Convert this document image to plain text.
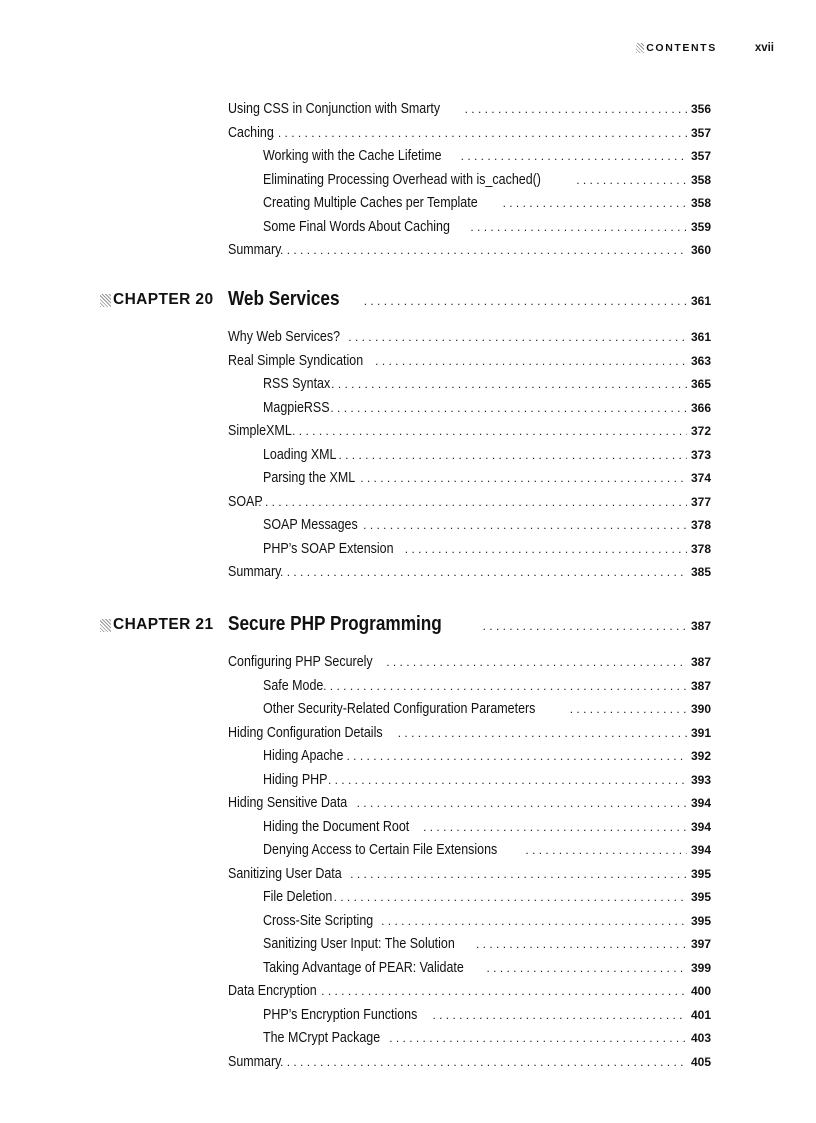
CONTENTS	xvii
Using CSS in Conjunction with Smarty . . .	356
Caching . . .	357
Working with the Cache Lifetime . . .	357
Eliminating Processing Overhead with is_cached() . . .	358
Creating Multiple Caches per Template . . .	358
Some Final Words About Caching . . .	359
Summary . . .	360
CHAPTER 20 Web Services . . .	361
Why Web Services? . . .	361
Real Simple Syndication . . .	363
RSS Syntax . . .	365
MagpieRSS . . .	366
SimpleXML . . .	372
Loading XML . . .	373
Parsing the XML . . .	374
SOAP . . .	377
SOAP Messages . . .	378
PHP’s SOAP Extension . . .	378
Summary . . .	385
CHAPTER 21 Secure PHP Programming . . .	387
Configuring PHP Securely . . .	387
Safe Mode . . .	387
Other Security-Related Configuration Parameters . . .	390
Hiding Configuration Details . . .	391
Hiding Apache . . .	392
Hiding PHP . . .	393
Hiding Sensitive Data . . .	394
Hiding the Document Root . . .	394
Denying Access to Certain File Extensions . . .	394
Sanitizing User Data . . .	395
File Deletion . . .	395
Cross-Site Scripting . . .	395
Sanitizing User Input: The Solution . . .	397
Taking Advantage of PEAR: Validate . . .	399
Data Encryption . . .	400
PHP’s Encryption Functions . . .	401
The MCrypt Package . . .	403
Summary . . .	405
